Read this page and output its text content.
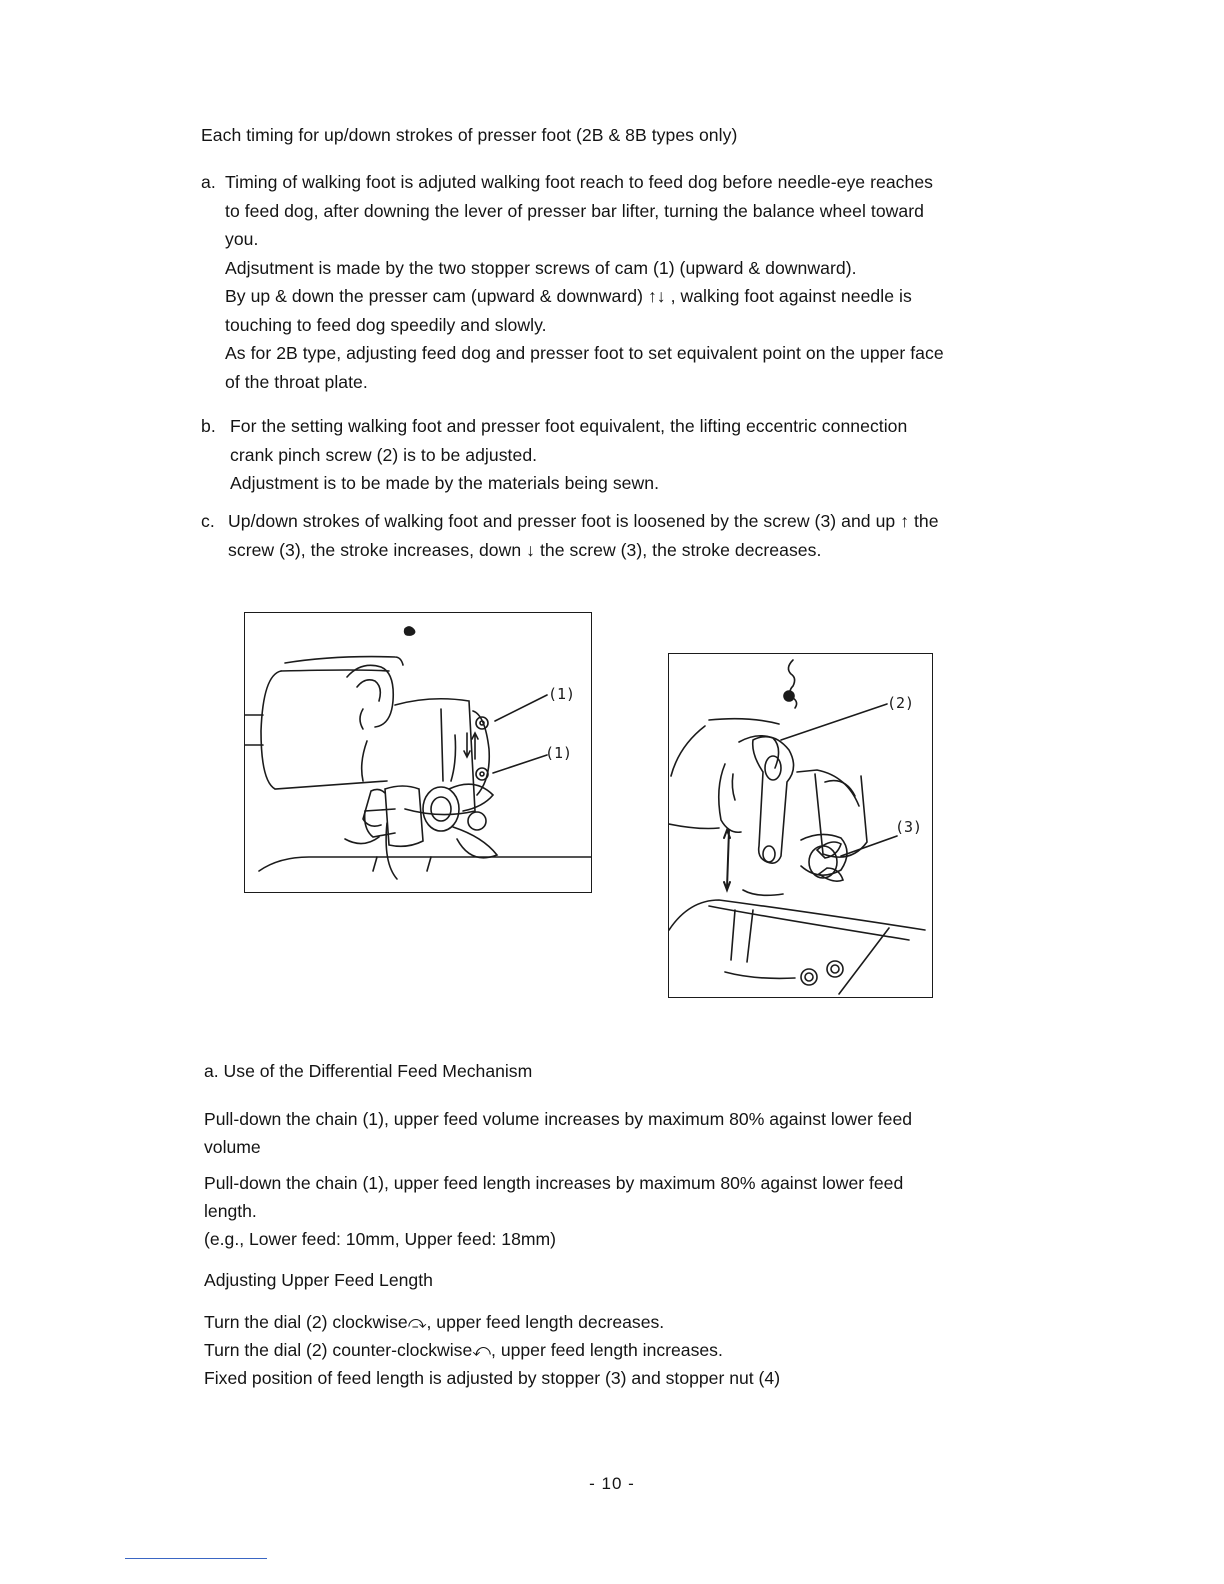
Each timing for up/down strokes of presser foot (2B & 8B types only)
a. Timing of walking foot is adjuted walking foot reach to feed dog before needle-eye reaches
to feed dog, after downing the lever of presser bar lifter, turning the balance wheel toward
you.
Adjsutment is made by the two stopper screws of cam (1) (upward & downward).
By up & down the presser cam (upward & downward) ↑↓ , walking foot against needle is
touching to feed dog speedily and slowly.
As for 2B type, adjusting feed dog and presser foot to set equivalent point on the upper face
of the throat plate.
b. For the setting walking foot and presser foot equivalent, the lifting eccentric connection
crank pinch screw (2) is to be adjusted.
Adjustment is to be made by the materials being sewn.
c. Up/down strokes of walking foot and presser foot is loosened by the screw (3) and up ↑ the
screw (3), the stroke increases, down ↓ the screw (3), the stroke decreases.
(1)
(1)
(2)
(3)
a. Use of the Differential Feed Mechanism
Pull-down the chain (1), upper feed volume increases by maximum 80% against lower feed
volume
Pull-down the chain (1), upper feed length increases by maximum 80% against lower feed
length.
(e.g., Lower feed: 10mm, Upper feed: 18mm)
Adjusting Upper Feed Length
Turn the dial (2) clockwise⤼, upper feed length decreases.
Turn the dial (2) counter-clockwise⤺, upper feed length increases.
Fixed position of feed length is adjusted by stopper (3) and stopper nut (4)
- 10 -
